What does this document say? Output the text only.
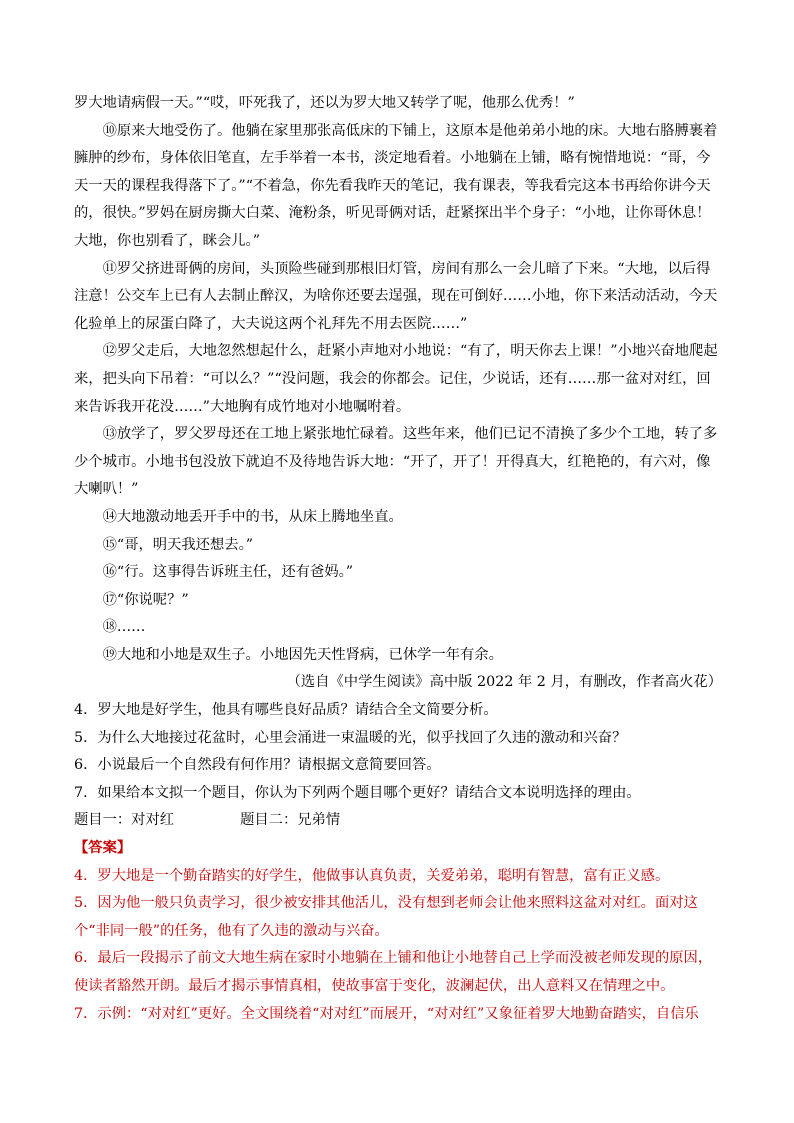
罗大地请病假一天。”“哎，吓死我了，还以为罗大地又转学了呢，他那么优秀！”

⑩原来大地受伤了。他躺在家里那张高低床的下铺上，这原本是他弟弟小地的床。大地右胳膊裹着臃肿的纱布，身体依旧笔直，左手举着一本书，淡定地看着。小地躺在上铺，略有惋惜地说：“哥，今天一天的课程我得落下了。”“不着急，你先看我昨天的笔记，我有课表，等我看完这本书再给你讲今天的，很快。”罗妈在厨房撕大白菜、淹粉条，听见哥俩对话，赶紧探出半个身子：“小地，让你哥休息！大地，你也别看了，眯会儿。”

⑪罗父挤进哥俩的房间，头顶险些碰到那根旧灯管，房间有那么一会儿暗了下来。“大地，以后得注意！公交车上已有人去制止醉汉，为啥你还要去逞强，现在可倒好……小地，你下来活动活动，今天化验单上的尿蛋白降了，大夫说这两个礼拜先不用去医院……”

⑫罗父走后，大地忽然想起什么，赶紧小声地对小地说：“有了，明天你去上课！”小地兴奋地爬起来，把头向下吊着：“可以么？”“没问题，我会的你都会。记住，少说话，还有……那一盆对对红，回来告诉我开花没……”大地胸有成竹地对小地嘱咐着。

⑬放学了，罗父罗母还在工地上紧张地忙碌着。这些年来，他们已记不清换了多少个工地，转了多少个城市。小地书包没放下就迫不及待地告诉大地：“开了，开了！开得真大，红艳艳的，有六对，像大喇叭！”

⑭大地激动地丢开手中的书，从床上腾地坐直。

⑮“哥，明天我还想去。”

⑯“行。这事得告诉班主任，还有爸妈。”

⑰“你说呢？”

⑱……

⑲大地和小地是双生子。小地因先天性肾病，已休学一年有余。

（选自《中学生阅读》高中版 2022 年 2 月，有删改，作者高火花）

4．罗大地是好学生，他具有哪些良好品质？请结合全文简要分析。

5．为什么大地接过花盆时，心里会涌进一束温暖的光，似乎找回了久违的激动和兴奋？

6．小说最后一个自然段有何作用？请根据文意简要回答。

7．如果给本文拟一个题目，你认为下列两个题目哪个更好？请结合文本说明选择的理由。

题目一：对对红	题目二：兄弟情

【答案】

4．罗大地是一个勤奋踏实的好学生，他做事认真负责，关爱弟弟，聪明有智慧，富有正义感。

5．因为他一般只负责学习，很少被安排其他活儿，没有想到老师会让他来照料这盆对对红。面对这个“非同一般”的任务，他有了久违的激动与兴奋。

6．最后一段揭示了前文大地生病在家时小地躺在上铺和他让小地替自己上学而没被老师发现的原因，使读者豁然开朗。最后才揭示事情真相，使故事富于变化，波澜起伏，出人意料又在情理之中。

7．示例：“对对红”更好。全文围绕着“对对红”而展开，“对对红”又象征着罗大地勤奋踏实，自信乐
